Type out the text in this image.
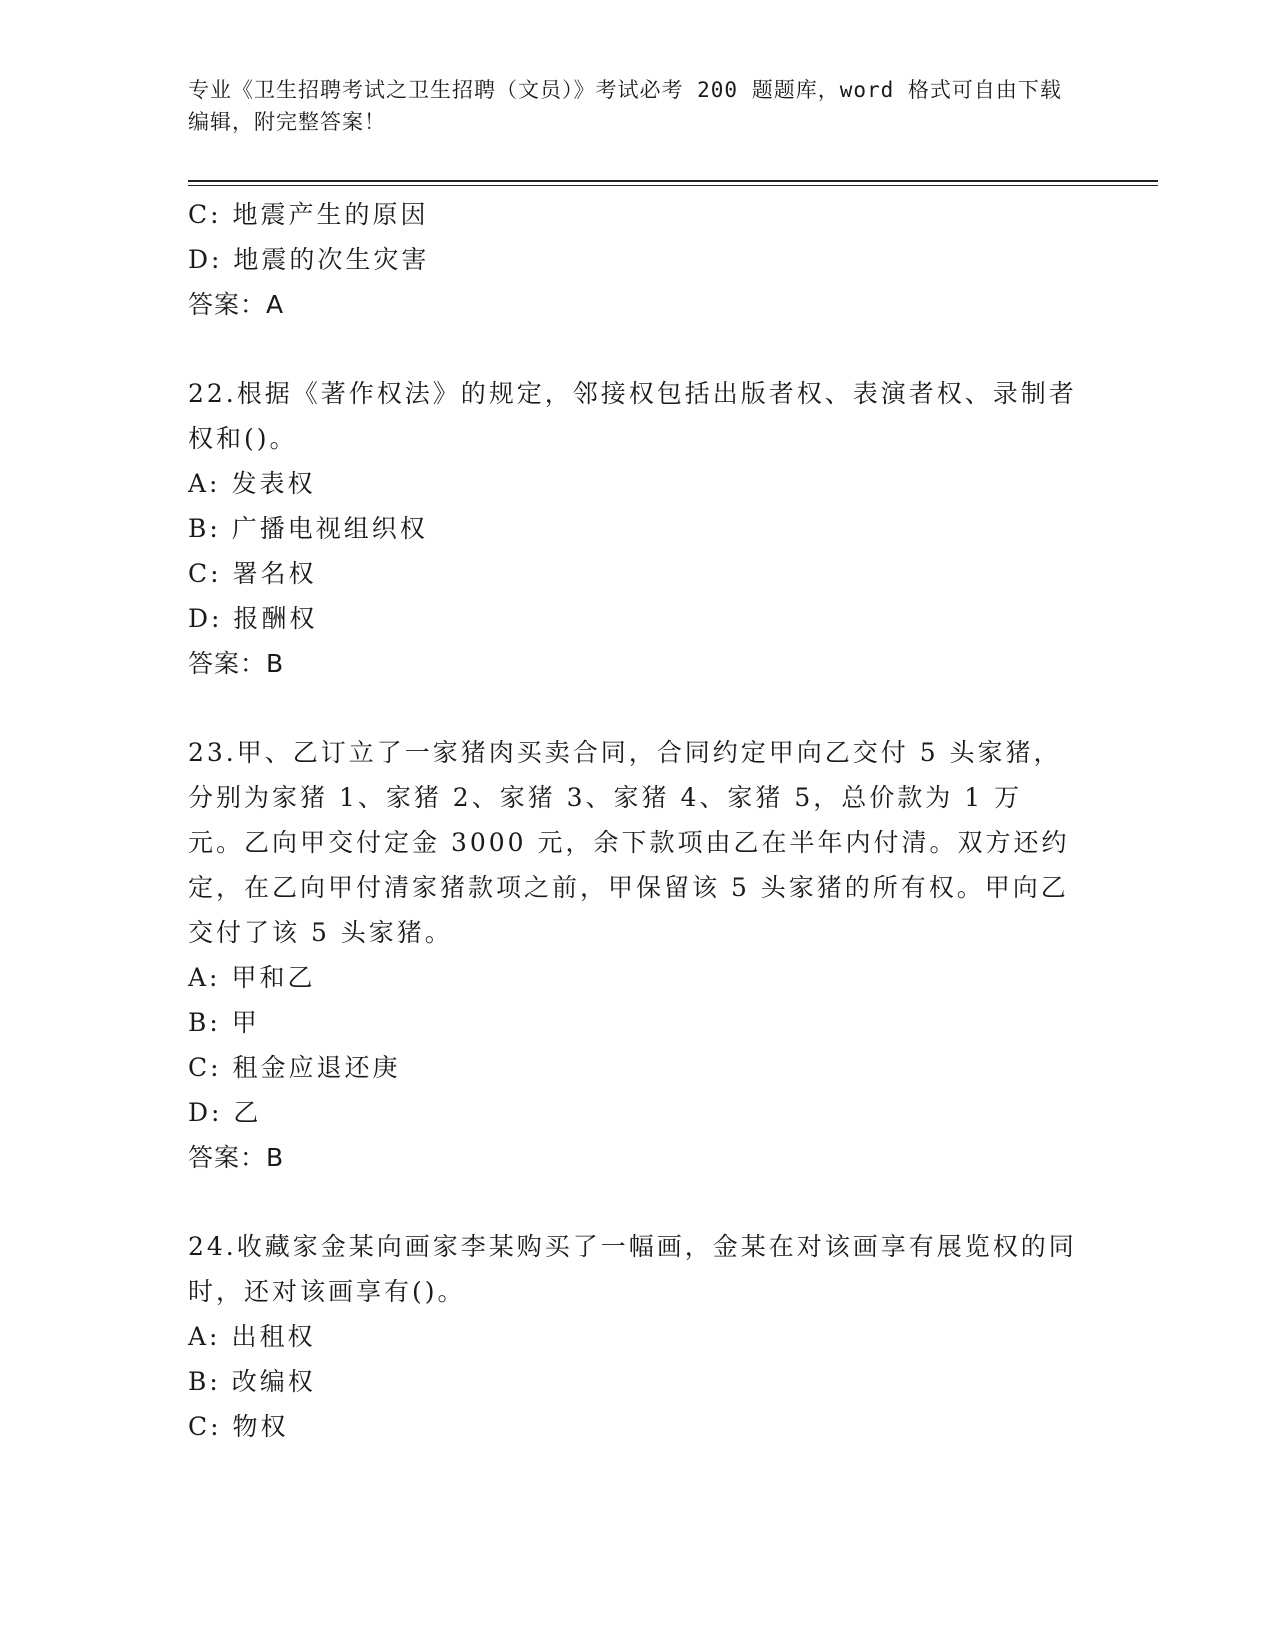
专业《卫生招聘考试之卫生招聘（文员）》考试必考 200 题题库，word 格式可自由下载编辑，附完整答案！
C: 地震产生的原因
D: 地震的次生灾害
答案：A
22.根据《著作权法》的规定，邻接权包括出版者权、表演者权、录制者权和()。
A: 发表权
B: 广播电视组织权
C: 署名权
D: 报酬权
答案：B
23.甲、乙订立了一家猪肉买卖合同，合同约定甲向乙交付 5 头家猪，分别为家猪 1、家猪 2、家猪 3、家猪 4、家猪 5，总价款为 1 万元。乙向甲交付定金 3000 元，余下款项由乙在半年内付清。双方还约定，在乙向甲付清家猪款项之前，甲保留该 5 头家猪的所有权。甲向乙交付了该 5 头家猪。
A: 甲和乙
B: 甲
C: 租金应退还庚
D: 乙
答案：B
24.收藏家金某向画家李某购买了一幅画，金某在对该画享有展览权的同时，还对该画享有()。
A: 出租权
B: 改编权
C: 物权
